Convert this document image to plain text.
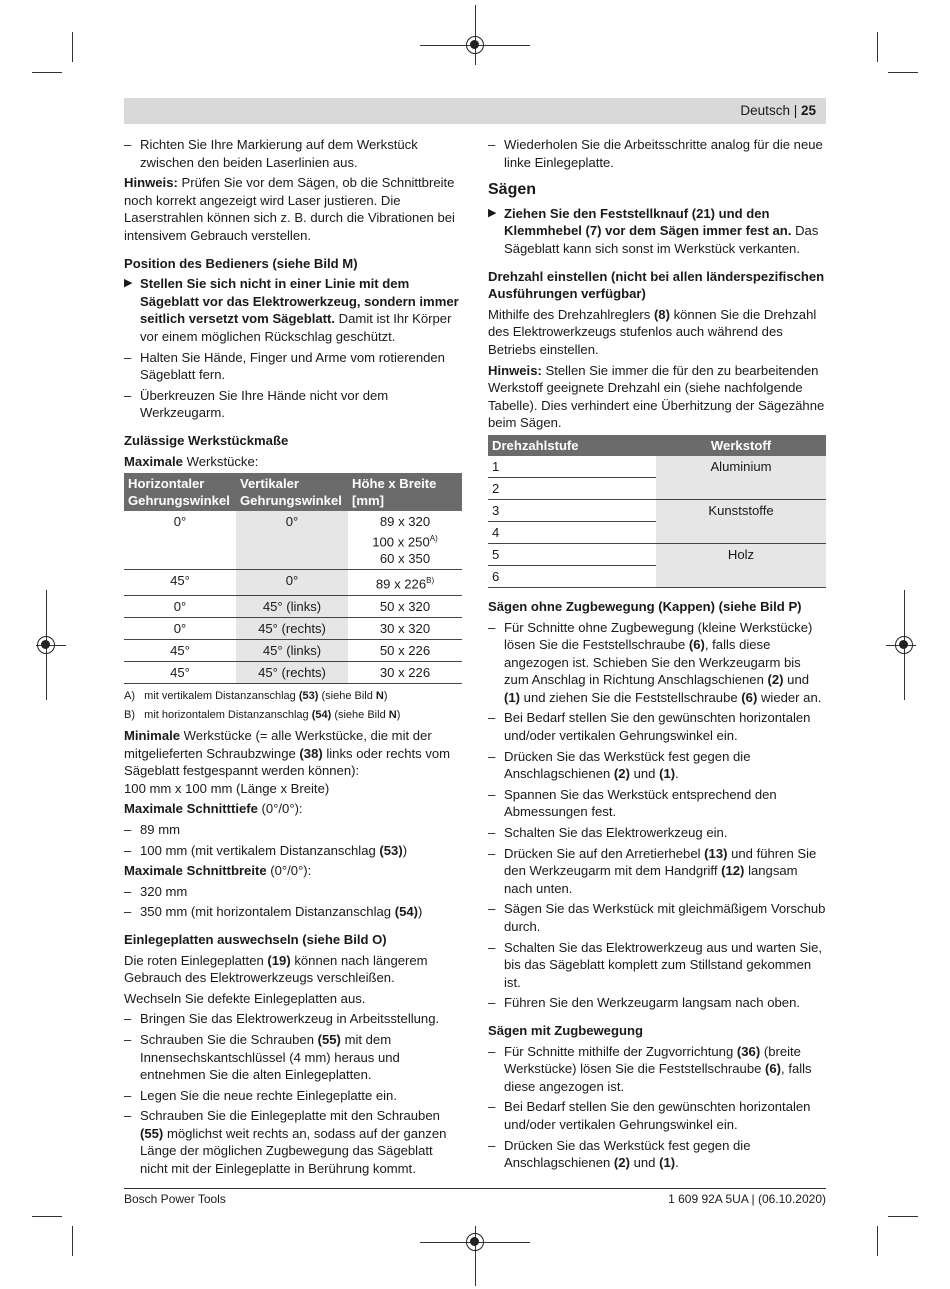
Deutsch | 25
– Richten Sie Ihre Markierung auf dem Werkstück zwischen den beiden Laserlinien aus.

Hinweis: Prüfen Sie vor dem Sägen, ob die Schnittbreite noch korrekt angezeigt wird Laser justieren. Die Laserstrahlen können sich z. B. durch die Vibrationen bei intensivem Gebrauch verstellen.

Position des Bedieners (siehe Bild M)
▶ Stellen Sie sich nicht in einer Linie mit dem Sägeblatt vor das Elektrowerkzeug, sondern immer seitlich versetzt vom Sägeblatt. Damit ist Ihr Körper vor einem möglichen Rückschlag geschützt.
– Halten Sie Hände, Finger und Arme vom rotierenden Sägeblatt fern.
– Überkreuzen Sie Ihre Hände nicht vor dem Werkzeugarm.
Zulässige Werkstückmaße

Maximale Werkstücke:

Horizontaler Gehrungswinkel	Vertikaler Gehrungswinkel	Höhe x Breite [mm]
0°	0°	89 x 320
100 x $250^{A)}$
60 x 350

45°	0°	89 x $226^{B)}$
0°	45° (links)	50 x 320
0°	45° (rechts)	30 x 320
45°	45° (links)	50 x 226
45°	45° (rechts)	30 x 226
A) mit vertikalem Distanzanschlag (53) (siehe Bild N)
B) mit horizontalem Distanzanschlag (54) (siehe Bild N)

Minimale Werkstücke (= alle Werkstücke, die mit der mitgelieferten Schraubzwinge (38) links oder rechts vom Sägeblatt festgespannt werden können):

100 mm x 100 mm (Länge x Breite)

Maximale Schnitttiefe (0°/0°):

– 89 mm
– 100 mm (mit vertikalem Distanzanschlag (53))

Maximale Schnittbreite (0°/0°):

– 320 mm
– 350 mm (mit horizontalem Distanzanschlag (54))
Einlegeplatten auswechseln (siehe Bild O)

Die roten Einlegeplatten (19) können nach längerem Gebrauch des Elektrowerkzeugs verschleißen.

Wechseln Sie defekte Einlegeplatten aus.

– Bringen Sie das Elektrowerkzeug in Arbeitsstellung.
– Schrauben Sie die Schrauben (55) mit dem Innensechskantschlüssel (4 mm) heraus und entnehmen Sie die alten Einlegeplatten.
– Legen Sie die neue rechte Einlegeplatte ein.
– Schrauben Sie die Einlegeplatte mit den Schrauben (55) möglichst weit rechts an, sodass auf der ganzen Länge der möglichen Zugbewegung das Sägeblatt nicht mit der Einlegeplatte in Berührung kommt.
– Wiederholen Sie die Arbeitsschritte analog für die neue linke Einlegeplatte.
Sägen
▶ Ziehen Sie den Feststellknauf (21) und den Klemmhebel (7) vor dem Sägen immer fest an. Das Sägeblatt kann sich sonst im Werkstück verkanten.
Drehzahl einstellen (nicht bei allen länderspezifischen Ausführungen verfügbar)

Mithilfe des Drehzahlreglers (8) können Sie die Drehzahl des Elektrowerkzeugs stufenlos auch während des Betriebs einstellen.

Hinweis: Stellen Sie immer die für den zu bearbeitenden Werkstoff geeignete Drehzahl ein (siehe nachfolgende Tabelle). Dies verhindert eine Überhitzung der Sägezähne beim Sägen.

Drehzahlstufe	Werkstoff
1	Aluminium
2	
3	Kunststoffe
4	
5	Holz
6	
Sägen ohne Zugbewegung (Kappen) (siehe Bild P)
– Für Schnitte ohne Zugbewegung (kleine Werkstücke) lösen Sie die Feststellschraube (6), falls diese angezogen ist. Schieben Sie den Werkzeugarm bis zum Anschlag in Richtung Anschlagschienen (2) und (1) und ziehen Sie die Feststellschraube (6) wieder an.
– Bei Bedarf stellen Sie den gewünschten horizontalen und/oder vertikalen Gehrungswinkel ein.
– Drücken Sie das Werkstück fest gegen die Anschlagschienen (2) und (1).
– Spannen Sie das Werkstück entsprechend den Abmessungen fest.
– Schalten Sie das Elektrowerkzeug ein.
– Drücken Sie auf den Arretierhebel (13) und führen Sie den Werkzeugarm mit dem Handgriff (12) langsam nach unten.
– Sägen Sie das Werkstück mit gleichmäßigem Vorschub durch.
– Schalten Sie das Elektrowerkzeug aus und warten Sie, bis das Sägeblatt komplett zum Stillstand gekommen ist.
– Führen Sie den Werkzeugarm langsam nach oben.
Sägen mit Zugbewegung
– Für Schnitte mithilfe der Zugvorrichtung (36) (breite Werkstücke) lösen Sie die Feststellschraube (6), falls diese angezogen ist.
– Bei Bedarf stellen Sie den gewünschten horizontalen und/oder vertikalen Gehrungswinkel ein.
– Drücken Sie das Werkstück fest gegen die Anschlagschienen (2) und (1).
Bosch Power Tools	1 609 92A 5UA | (06.10.2020)
